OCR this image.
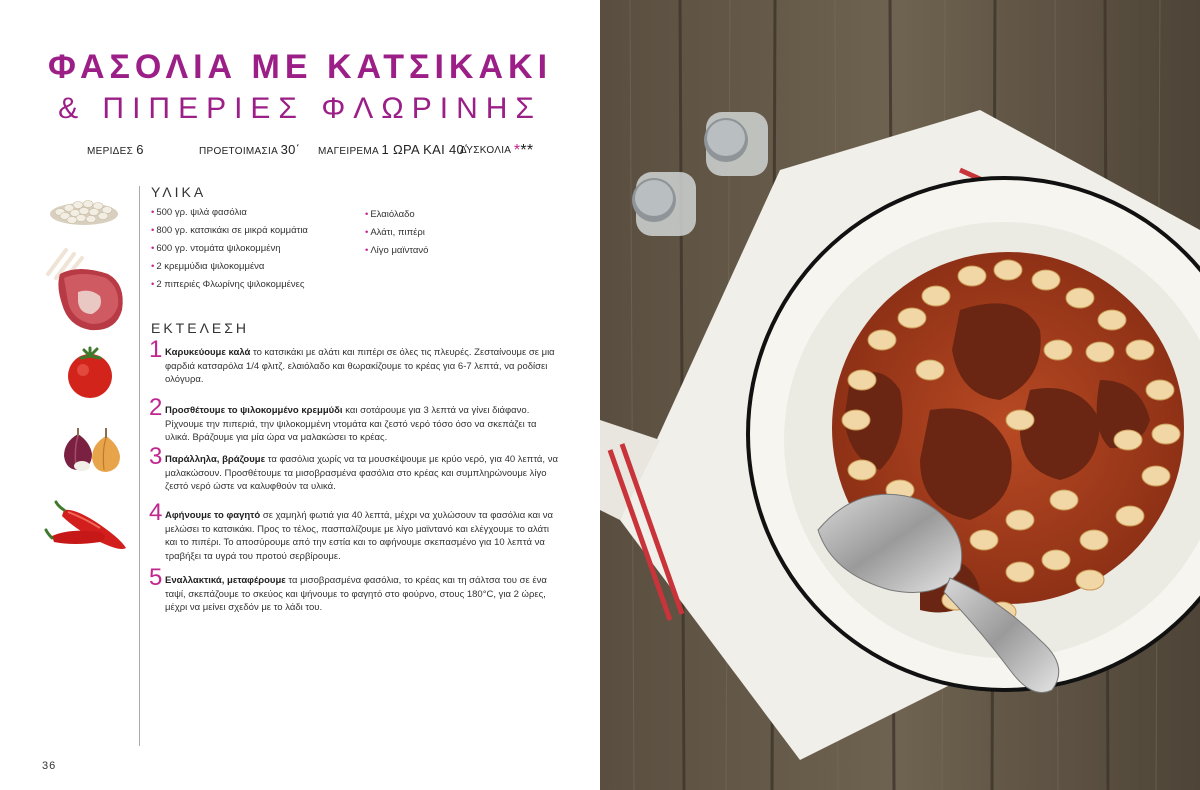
ΦΑΣΟΛΙΑ ΜΕ ΚΑΤΣΙΚΑΚΙ
& ΠΙΠΕΡΙΕΣ ΦΛΩΡΙΝΗΣ
ΜΕΡΙΔΕΣ 6	ΠΡΟΕΤΟΙΜΑΣΙΑ 30΄ ΜΑΓΕΙΡΕΜΑ 1 ΩΡΑ ΚΑΙ 40΄
ΔΥΣΚΟΛΙΑ ***
ΥΛΙΚΑ
• 500 γρ. ψιλά φασόλια
• 800 γρ. κατσικάκι σε μικρά κομμάτια
• 600 γρ. ντομάτα ψιλοκομμένη
• 2 κρεμμύδια ψιλοκομμένα
• 2 πιπεριές Φλωρίνης ψιλοκομμένες
• Ελαιόλαδο
• Αλάτι, πιπέρι
• Λίγο μαϊντανό
ΕΚΤΕΛΕΣΗ
1 Καρυκεύουμε καλά το κατσικάκι με αλάτι και πιπέρι σε όλες τις πλευρές. Ζεσταίνουμε σε μια φαρδιά κατσαρόλα 1/4 φλιτζ. ελαιόλαδο και θωρακίζουμε το κρέας για 6-7 λεπτά, να ροδίσει ολόγυρα.
2 Προσθέτουμε το ψιλοκομμένο κρεμμύδι και σοτάρουμε για 3 λεπτά να γίνει διάφανο. Ρίχνουμε την πιπεριά, την ψιλοκομμένη ντομάτα και ζεστό νερό τόσο όσο να σκεπάζει τα υλικά. Βράζουμε για μία ώρα να μαλακώσει το κρέας.
3 Παράλληλα, βράζουμε τα φασόλια χωρίς να τα μουσκέψουμε με κρύο νερό, για 40 λεπτά, να μαλακώσουν. Προσθέτουμε τα μισοβρασμένα φασόλια στο κρέας και συμπληρώνουμε λίγο ζεστό νερό ώστε να καλυφθούν τα υλικά.
4 Αφήνουμε το φαγητό σε χαμηλή φωτιά για 40 λεπτά, μέχρι να χυλώσουν τα φασόλια και να μελώσει το κατσικάκι. Προς το τέλος, πασπαλίζουμε με λίγο μαϊντανό και ελέγχουμε το αλάτι και το πιπέρι. Το αποσύρουμε από την εστία και το αφήνουμε σκεπασμένο για 10 λεπτά να τραβήξει τα υγρά του προτού σερβίρουμε.
5 Εναλλακτικά, μεταφέρουμε τα μισοβρασμένα φασόλια, το κρέας και τη σάλτσα του σε ένα ταψί, σκεπάζουμε το σκεύος και ψήνουμε το φαγητό στο φούρνο, στους 180°C, για 2 ώρες, μέχρι να μείνει σχεδόν με το λάδι του.
36
